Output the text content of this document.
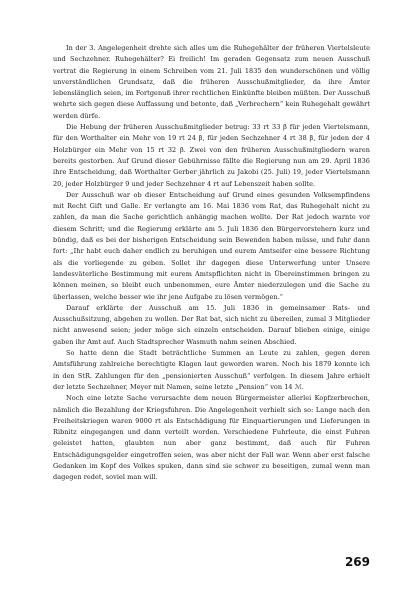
In der 3. Angelegenheit drehte sich alles um die Ruhegehälter der früheren Viertelsleute und Sechzehner. Ruhegehälter? Ei freilich! Im geraden Gegensatz zum neuen Ausschuß vertrat die Regierung in einem Schreiben vom 21. Juli 1835 den wunderschönen und völlig unverständlichen Grundsatz, daß die früheren Ausschußmitglieder, da ihre Ämter lebenslänglich seien, im Fortgenuß ihrer rechtlichen Einkünfte bleiben müßten. Der Ausschuß wehrte sich gegen diese Auffassung und betonte, daß „Verbrechern“ kein Ruhegehalt gewährt werden dürfe.

Die Hebung der früheren Ausschußmitglieder betrug: 33 rt 33 β für jeden Viertelsmann, für den Worthalter ein Mehr von 19 rt 24 β, für jeden Sechzehner 4 rt 38 β, für jeden der 4 Holzbürger ein Mehr von 15 rt 32 β. Zwei von den früheren Ausschußmitgliedern waren bereits gestorben. Auf Grund dieser Gebührnisse fällte die Regierung nun am 29. April 1836 ihre Entscheidung, daß Worthalter Gerber jährlich zu Jakobi (25. Juli) 19, jeder Viertelsmann 20, jeder Holzbürger 9 und jeder Sechzehner 4 rt auf Lebenszeit haben sollte.

Der Ausschuß war ob dieser Entscheidung auf Grund eines gesunden Volksempfindens mit Recht Gift und Galle. Er verlangte am 16. Mai 1836 vom Rat, das Ruhegehalt nicht zu zahlen, da man die Sache gerichtlich anhängig machen wollte. Der Rat jedoch warnte vor diesem Schritt; und die Regierung erklärte am 5. Juli 1836 den Bürgervorstehern kurz und bündig, daß es bei der bisherigen Entscheidung sein Bewenden haben müsse, und fuhr dann fort: „Ihr habt euch daher endlich zu beruhigen und eurem Amtseifer eine bessere Richtung als die vorliegende zu geben. Sollet ihr dagegen diese Unterwerfung unter Unsere landesväterliche Bestimmung mit eurem Amtspflichten nicht in Übereinstimmen bringen zu können meinen, so bleibt euch unbenommen, eure Ämter niederzulegen und die Sache zu überlassen, welche besser wie ihr jene Aufgabe zu lösen vermögen.“

Darauf erklärte der Ausschuß am 15. Juli 1836 in gemeinsamer Rats- und Ausschußsitzung, abgehen zu wollen. Der Rat bat, sich nicht zu übereilen, zumal 3 Mitglieder nicht anwesend seien; jeder möge sich einzeln entscheiden. Darauf blieben einige, einige gaben ihr Amt auf. Auch Stadtsprecher Wasmuth nahm seinen Abschied.

So hatte denn die Stadt beträchtliche Summen an Leute zu zahlen, gegen deren Amtsführung zahlreiche berechtigte Klagen laut geworden waren. Noch bis 1879 konnte ich in den StR. Zahlungen für den „pensionierten Ausschuß“ verfolgen. In diesem Jahre erhielt der letzte Sechzehner, Meyer mit Namen, seine letzte „Pension“ von 14 ℳ.

Noch eine letzte Sache verursachte dem neuen Bürgermeister allerlei Kopfzerbrechen, nämlich die Bezahlung der Kriegsfuhren. Die Angelegenheit verhielt sich so: Lange nach den Freiheitskriegen waren 9000 rt als Entschädigung für Einquartierungen und Lieferungen in Ribnitz eingegangen und dann verteilt worden. Verschiedene Fuhrleute, die einst Fuhren geleistet hatten, glaubten nun aber ganz bestimmt, daß auch für Fuhren Entschädigungsgelder eingetroffen seien, was aber nicht der Fall war. Wenn aber erst falsche Gedanken im Kopf des Volkes spuken, dann sind sie schwer zu beseitigen, zumal wenn man dagegen redet, soviel man will.

269
